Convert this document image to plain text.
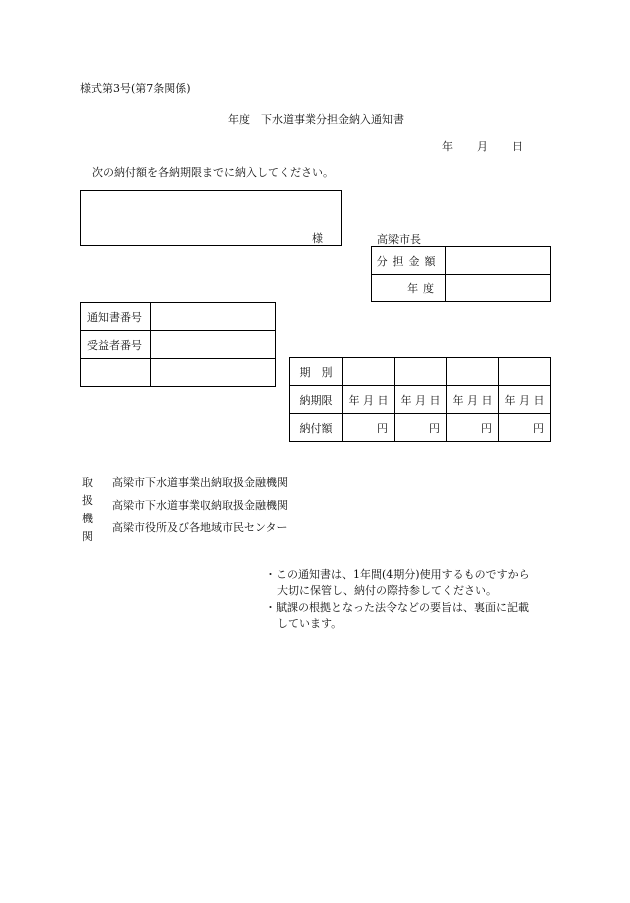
様式第3号(第7条関係)
年度　下水道事業分担金納入通知書
年 月 日
次の納付額を各納期限までに納入してください。
様	高梁市長
分担金額	
年度	
通知書番号	
受益者番号	

期　別				
納期限	年 月 日	年 月 日	年 月 日	年 月 日
納付額	円	円	円	円
取
扱
機
関
高梁市下水道事業出納取扱金融機関
高梁市下水道事業収納取扱金融機関
高梁市役所及び各地域市民センター
・この通知書は、1年間(4期分)使用するものですから
大切に保管し、納付の際持参してください。
・賦課の根拠となった法令などの要旨は、裏面に記載
しています。
